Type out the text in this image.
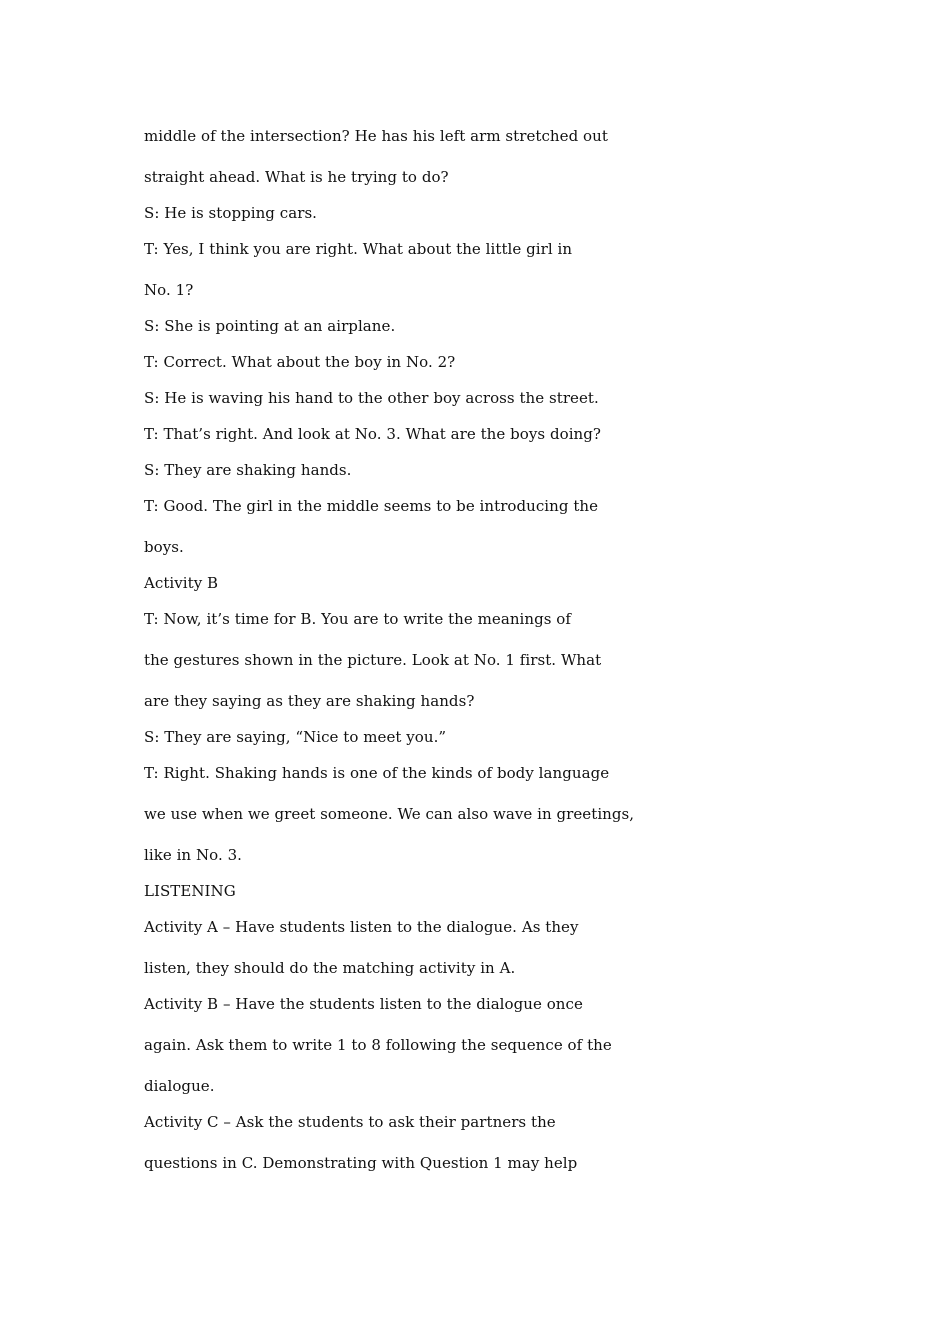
middle of the intersection? He has his left arm stretched out
straight ahead. What is he trying to do?
S: He is stopping cars.
T: Yes, I think you are right. What about the little girl in
No. 1?
S: She is pointing at an airplane.
T: Correct. What about the boy in No. 2?
S: He is waving his hand to the other boy across the street.
T: That’s right. And look at No. 3. What are the boys doing?
S: They are shaking hands.
T: Good. The girl in the middle seems to be introducing the
boys.
Activity B
T: Now, it’s time for B. You are to write the meanings of
the gestures shown in the picture. Look at No. 1 first. What
are they saying as they are shaking hands?
S: They are saying, “Nice to meet you.”
T: Right. Shaking hands is one of the kinds of body language
we use when we greet someone. We can also wave in greetings,
like in No. 3.
LISTENING
Activity A – Have students listen to the dialogue. As they
listen, they should do the matching activity in A.
Activity B – Have the students listen to the dialogue once
again. Ask them to write 1 to 8 following the sequence of the
dialogue.
Activity C – Ask the students to ask their partners the
questions in C. Demonstrating with Question 1 may help
